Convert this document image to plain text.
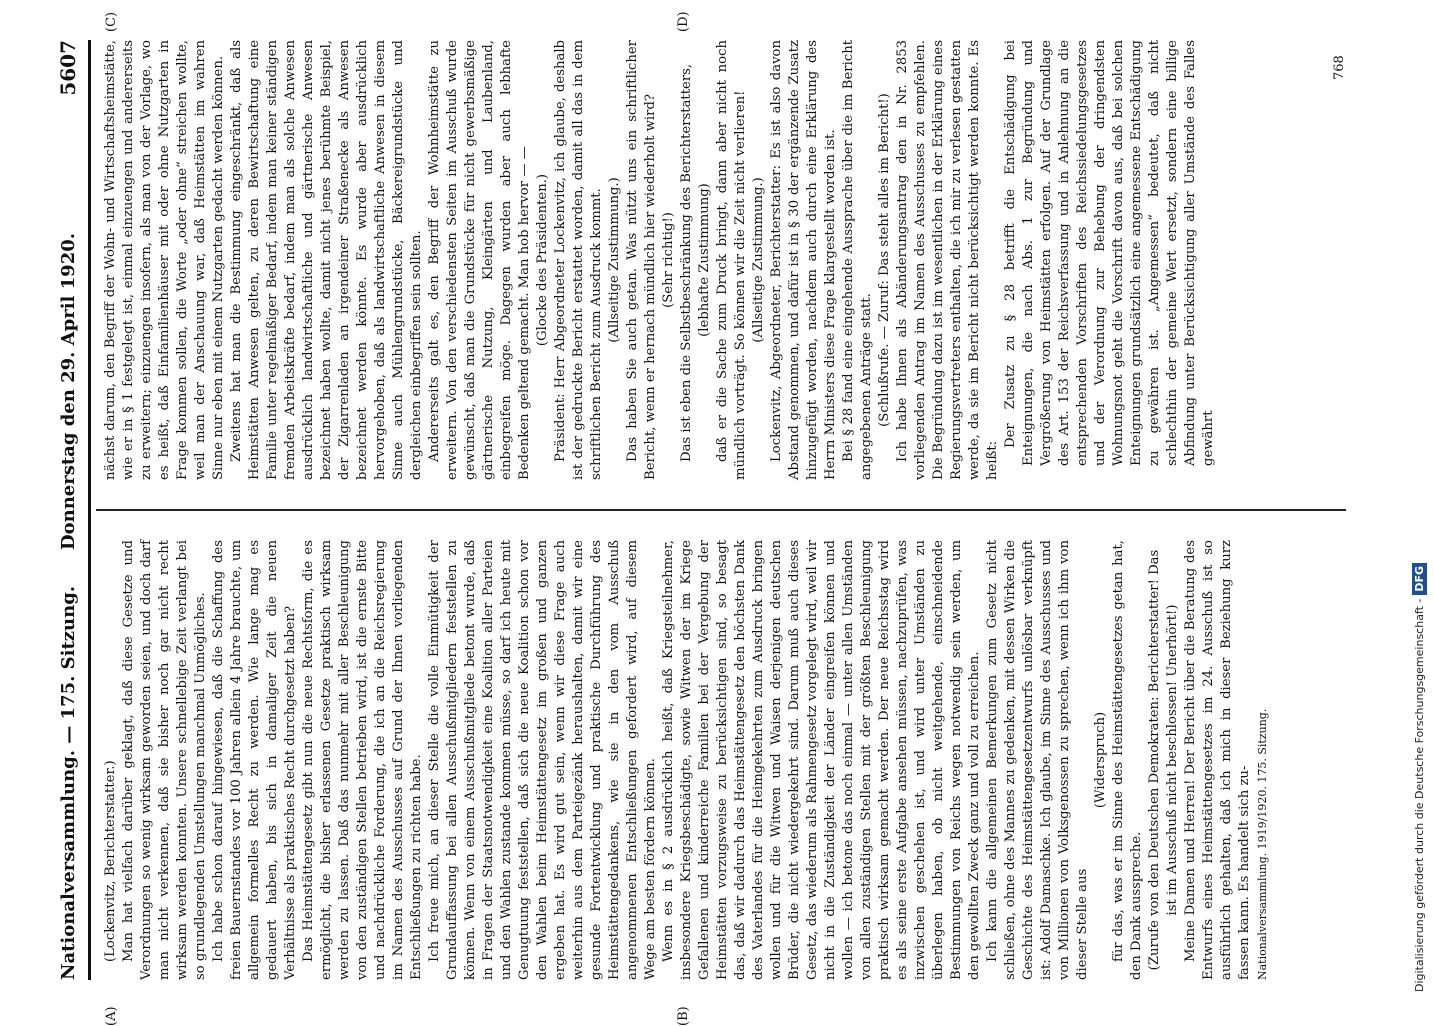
Nationalversammlung. — 175. Sitzung.
Donnerstag den 29. April 1920.
5607
(A)	(B)
(C)	(D)

(Lockenvitz, Berichterstatter.) Man hat vielfach darüber geklagt, daß diese Gesetze und Verordnungen so wenig wirksam geworden seien, und doch darf man nicht verkennen, daß sie bisher noch gar nicht recht wirksam werden konnten. Unsere schnellebige Zeit verlangt bei so grundlegenden Umstellungen manchmal Unmögliches. Ich habe schon darauf hingewiesen, daß die Schaffung des freien Bauernstandes vor 100 Jahren allein 4 Jahre brauchte, um allgemein formelles Recht zu werden. Wie lange mag es gedauert haben, bis sich in damaliger Zeit die neuen Verhältnisse als praktisches Recht durchgesetzt haben? Das Heimstättengesetz gibt nun die neue Rechtsform, die es ermöglicht, die bisher erlassenen Gesetze praktisch wirksam werden zu lassen. Daß das nunmehr mit aller Beschleunigung von den zuständigen Stellen betrieben wird, ist die ernste Bitte und nachdrückliche Forderung, die ich an die Reichsregierung im Namen des Ausschusses auf Grund der Ihnen vorliegenden Entschließungen zu richten habe. Ich freue mich, an dieser Stelle die volle Einmütigkeit der Grundauffassung bei allen Ausschußmitgliedern feststellen zu können. Wenn von einem Ausschußmitgliede betont wurde, daß in Fragen der Staatsnotwendigkeit eine Koalition aller Parteien und den Wahlen zustande kommen müsse, so darf ich heute mit Genugtuung feststellen, daß sich die neue Koalition schon vor den Wahlen beim Heimstättengesetz im großen und ganzen ergeben hat. Es wird gut sein, wenn wir diese Frage auch weiterhin aus dem Parteigezänk heraushalten, damit wir eine gesunde Fortentwicklung und praktische Durchführung des Heimstättengedankens, wie sie in den vom Ausschuß angenommenen Entschließungen gefordert wird, auf diesem Wege am besten fördern können. Wenn es in § 2 ausdrücklich heißt, daß Kriegsteilnehmer, insbesondere Kriegsbeschädigte, sowie Witwen der im Kriege Gefallenen und kinderreiche Familien bei der Vergebung der Heimstätten vorzugsweise zu berücksichtigen sind, so besagt das, daß wir dadurch das Heimstättengesetz den höchsten Dank des Vaterlandes für die Heimgekehrten zum Ausdruck bringen wollen und für die Witwen und Waisen derjenigen deutschen Brüder, die nicht wiedergekehrt sind. Darum muß auch dieses Gesetz, das wiederum als Rahmengesetz vorgelegt wird, weil wir nicht in die Zuständigkeit der Länder eingreifen können und wollen — ich betone das noch einmal — unter allen Umständen von allen zuständigen Stellen mit der größten Beschleunigung praktisch wirksam gemacht werden. Der neue Reichsstag wird es als seine erste Aufgabe ansehen müssen, nachzuprüfen, was inzwischen geschehen ist, und wird unter Umständen zu überlegen haben, ob nicht weitgehende, einschneidende Bestimmungen von Reichs wegen notwendig sein werden, um den gewollten Zweck ganz und voll zu erreichen. Ich kann die allgemeinen Bemerkungen zum Gesetz nicht schließen, ohne des Mannes zu gedenken, mit dessen Wirken die Geschichte des Heimstättengesetzentwurfs unlösbar verknüpft ist: Adolf Damaschke. Ich glaube, im Sinne des Ausschusses und von Millionen von Volksgenossen zu sprechen, wenn ich ihm von dieser Stelle aus

(Widerspruch) für das, was er im Sinne des Heimstättengesetzes getan hat, den Dank ausspreche. (Zurufe von den Deutschen Demokraten: Berichterstatter! Das ist im Ausschuß nicht beschlossen! Unerhört!) Meine Damen und Herren! Der Bericht über die Beratung des Entwurfs eines Heimstättengesetzes im 24. Ausschuß ist so ausführlich gehalten, daß ich mich in dieser Beziehung kurz fassen kann. Es handelt sich zu- Nationalversammlung. 1919/1920. 175. Sitzung.

nächst darum, den Begriff der Wohn- und Wirtschaftsheimstätte, wie er in § 1 festgelegt ist, einmal einzuengen und andererseits zu erweitern; einzuengen insofern, als man von der Vorlage, wo es heißt, daß Einfamilienhäuser mit oder ohne Nutzgarten in Frage kommen sollen, die Worte „oder ohne“ streichen wollte, weil man der Anschauung war, daß Heimstätten im wahren Sinne nur eben mit einem Nutzgarten gedacht werden können. Zweitens hat man die Bestimmung eingeschränkt, daß als Heimstätten Anwesen gelten, zu deren Bewirtschaftung eine Familie unter regelmäßiger Bedarf, indem man keiner ständigen fremden Arbeitskräfte bedarf, indem man als solche Anwesen ausdrücklich landwirtschaftliche und gärtnerische Anwesen bezeichnet haben wollte, damit nicht jenes berühmte Beispiel, der Zigarrenladen an irgendeiner Straßenecke als Anwesen bezeichnet werden könnte. Es wurde aber ausdrücklich hervorgehoben, daß als landwirtschaftliche Anwesen in diesem Sinne auch Mühlengrundstücke, Bäckereigrundstücke und dergleichen einbegriffen sein sollten. Andererseits galt es, den Begriff der Wohnheimstätte zu erweitern. Von den verschiedensten Seiten im Ausschuß wurde gewünscht, daß man die Grundstücke für nicht gewerbsmäßige gärtnerische Nutzung, Kleingärten und Laubenland, einbegreifen möge. Dagegen wurden aber auch lebhafte Bedenken geltend gemacht. Man hob hervor — — (Glocke des Präsidenten.) Präsident: Herr Abgeordneter Lockenvitz, ich glaube, deshalb ist der gedruckte Bericht erstattet worden, damit all das in dem schriftlichen Bericht zum Ausdruck kommt. (Allseitige Zustimmung.) Das haben Sie auch getan. Was nützt uns ein schriftlicher Bericht, wenn er hernach mündlich hier wiederholt wird? (Sehr richtig!) Das ist eben die Selbstbeschränkung des Berichterstatters, (lebhafte Zustimmung) daß er die Sache zum Druck bringt, dann aber nicht noch mündlich vorträgt. So können wir die Zeit nicht verlieren! (Allseitige Zustimmung.) Lockenvitz, Abgeordneter, Berichterstatter: Es ist also davon Abstand genommen, und dafür ist in § 30 der ergänzende Zusatz hinzugefügt worden, nachdem auch durch eine Erklärung des Herrn Ministers diese Frage klargestellt worden ist. Bei § 28 fand eine eingehende Aussprache über die im Bericht angegebenen Anträge statt. (Schlußrufe. — Zuruf: Das steht alles im Bericht!) Ich habe Ihnen als Abänderungsantrag den in Nr. 2853 vorliegenden Antrag im Namen des Ausschusses zu empfehlen. Die Begründung dazu ist im wesentlichen in der Erklärung eines Regierungsvertreters enthalten, die ich mir zu verlesen gestatten werde, da sie im Bericht nicht berücksichtigt werden konnte. Es heißt:

Der Zusatz zu § 28 betrifft die Entschädigung bei Enteignungen, die nach Abs. 1 zur Begründung und Vergrößerung von Heimstätten erfolgen. Auf der Grundlage des Art. 153 der Reichsverfassung und in Anlehnung an die entsprechenden Vorschriften des Reichssiedelungsgesetzes und der Verordnung zur Behebung der dringendsten Wohnungsnot geht die Vorschrift davon aus, daß bei solchen Enteignungen grundsätzlich eine angemessene Entschädigung zu gewähren ist. „Angemessen“ bedeutet, daß nicht schlechthin der gemeine Wert ersetzt, sondern eine billige Abfindung unter Berücksichtigung aller Umstände des Falles gewährt

768
Digitalisierung gefördert durch die Deutsche Forschungsgemeinschaft -DFG
